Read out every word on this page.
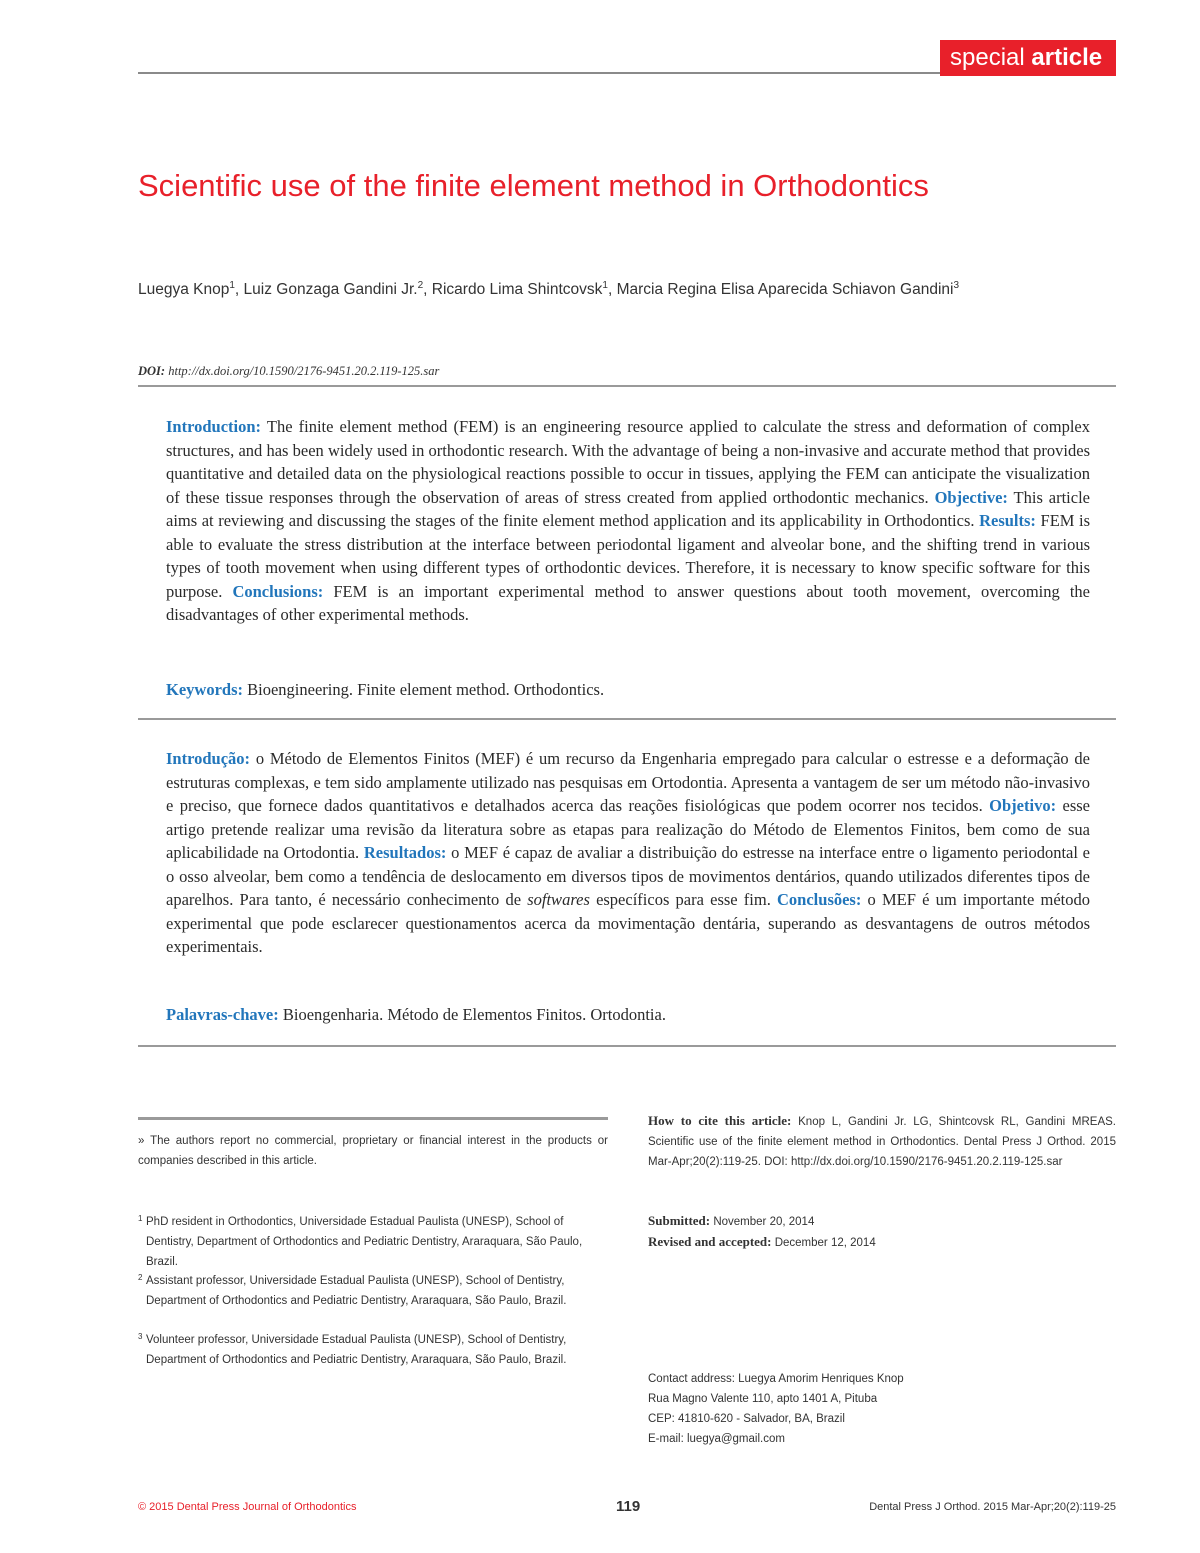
special article
Scientific use of the finite element method in Orthodontics
Luegya Knop$^1$, Luiz Gonzaga Gandini Jr.$^2$, Ricardo Lima Shintcovsk$^1$, Marcia Regina Elisa Aparecida Schiavon Gandini$^3$
DOI: http://dx.doi.org/10.1590/2176-9451.20.2.119-125.sar
Introduction: The finite element method (FEM) is an engineering resource applied to calculate the stress and deformation of complex structures, and has been widely used in orthodontic research. With the advantage of being a non-invasive and accurate method that provides quantitative and detailed data on the physiological reactions possible to occur in tissues, applying the FEM can anticipate the visualization of these tissue responses through the observation of areas of stress created from applied orthodontic mechanics. Objective: This article aims at reviewing and discussing the stages of the finite element method application and its applicability in Orthodontics. Results: FEM is able to evaluate the stress distribution at the interface between periodontal ligament and alveolar bone, and the shifting trend in various types of tooth movement when using different types of orthodontic devices. Therefore, it is necessary to know specific software for this purpose. Conclusions: FEM is an important experimental method to answer questions about tooth movement, overcoming the disadvantages of other experimental methods.
Keywords: Bioengineering. Finite element method. Orthodontics.
Introdução: o Método de Elementos Finitos (MEF) é um recurso da Engenharia empregado para calcular o estresse e a deformação de estruturas complexas, e tem sido amplamente utilizado nas pesquisas em Ortodontia. Apresenta a vantagem de ser um método não-invasivo e preciso, que fornece dados quantitativos e detalhados acerca das reações fisiológicas que podem ocorrer nos tecidos. Objetivo: esse artigo pretende realizar uma revisão da literatura sobre as etapas para realização do Método de Elementos Finitos, bem como de sua aplicabilidade na Ortodontia. Resultados: o MEF é capaz de avaliar a distribuição do estresse na interface entre o ligamento periodontal e o osso alveolar, bem como a tendência de deslocamento em diversos tipos de movimentos dentários, quando utilizados diferentes tipos de aparelhos. Para tanto, é necessário conhecimento de softwares específicos para esse fim. Conclusões: o MEF é um importante método experimental que pode esclarecer questionamentos acerca da movimentação dentária, superando as desvantagens de outros métodos experimentais.
Palavras-chave: Bioengenharia. Método de Elementos Finitos. Ortodontia.
» The authors report no commercial, proprietary or financial interest in the products or companies described in this article.
1 PhD resident in Orthodontics, Universidade Estadual Paulista (UNESP), School of Dentistry, Department of Orthodontics and Pediatric Dentistry, Araraquara, São Paulo, Brazil.
2 Assistant professor, Universidade Estadual Paulista (UNESP), School of Dentistry, Department of Orthodontics and Pediatric Dentistry, Araraquara, São Paulo, Brazil.
3 Volunteer professor, Universidade Estadual Paulista (UNESP), School of Dentistry, Department of Orthodontics and Pediatric Dentistry, Araraquara, São Paulo, Brazil.
How to cite this article: Knop L, Gandini Jr. LG, Shintcovsk RL, Gandini MREAS. Scientific use of the finite element method in Orthodontics. Dental Press J Orthod. 2015 Mar-Apr;20(2):119-25. DOI: http://dx.doi.org/10.1590/2176-9451.20.2.119-125.sar
Submitted: November 20, 2014
Revised and accepted: December 12, 2014
Contact address: Luegya Amorim Henriques Knop
Rua Magno Valente 110, apto 1401 A, Pituba
CEP: 41810-620 - Salvador, BA, Brazil
E-mail: luegya@gmail.com
© 2015 Dental Press Journal of Orthodontics	119	Dental Press J Orthod. 2015 Mar-Apr;20(2):119-25
